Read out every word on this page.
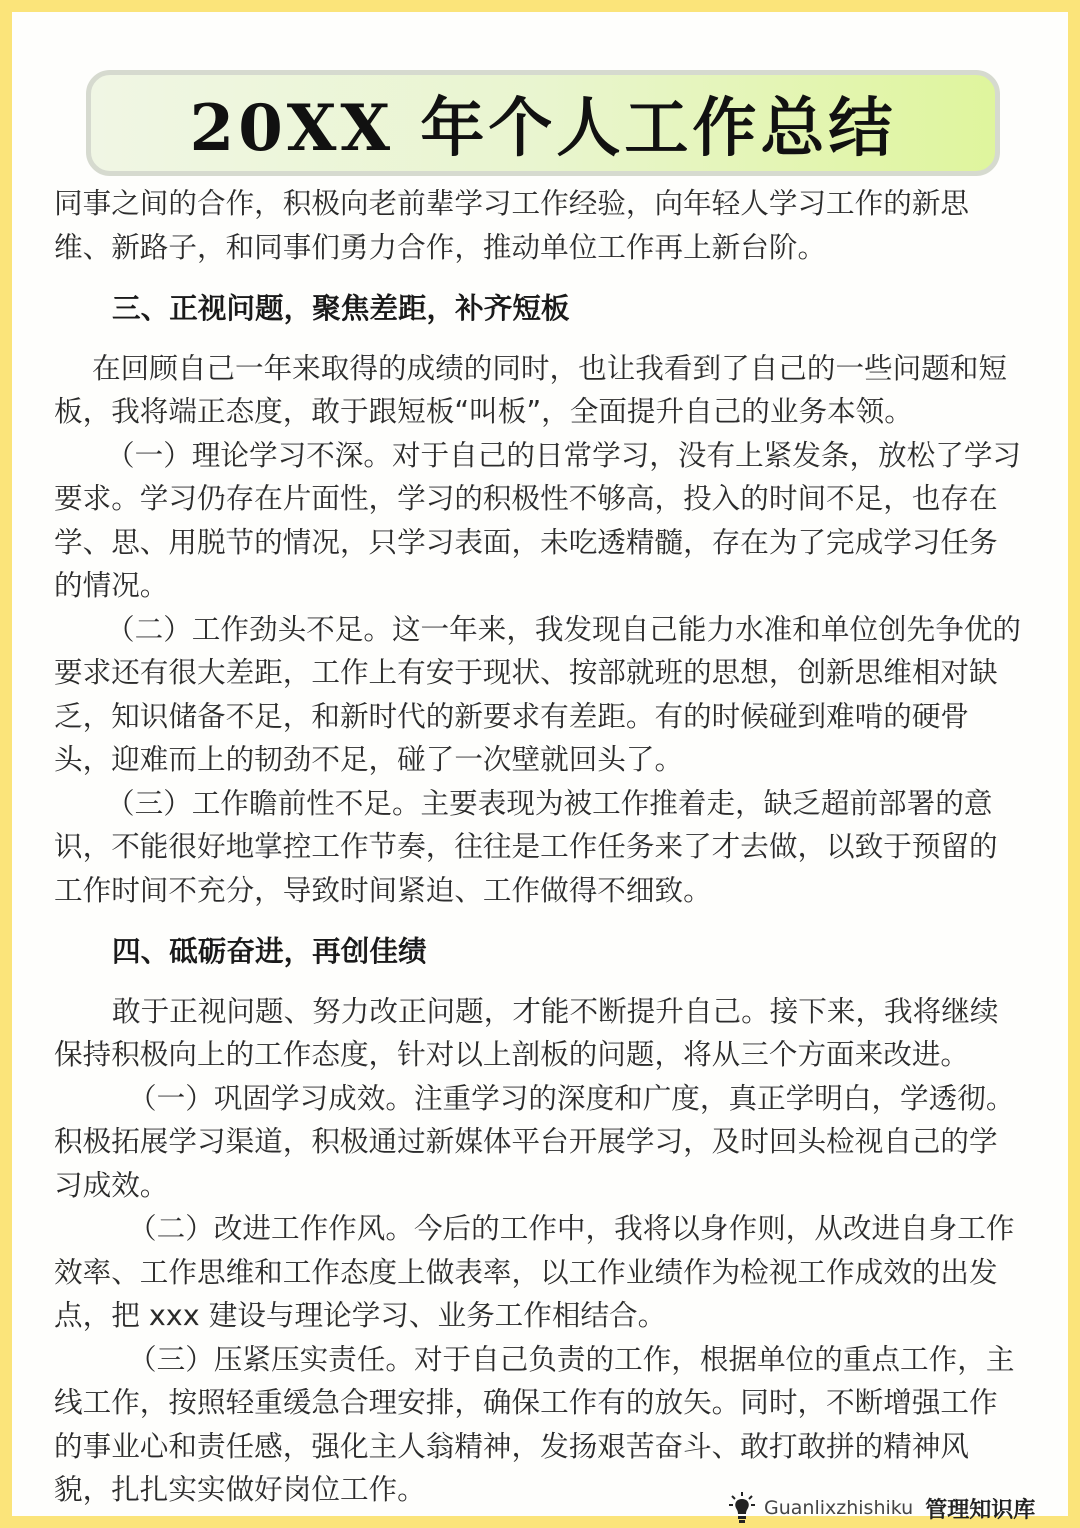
20XX 年个人工作总结

同事之间的合作，积极向老前辈学习工作经验，向年轻人学习工作的新思维、新路子，和同事们勇力合作，推动单位工作再上新台阶。

三、正视问题，聚焦差距，补齐短板

在回顾自己一年来取得的成绩的同时，也让我看到了自己的一些问题和短板，我将端正态度，敢于跟短板“叫板”，全面提升自己的业务本领。

（一）理论学习不深。对于自己的日常学习，没有上紧发条，放松了学习要求。学习仍存在片面性，学习的积极性不够高，投入的时间不足，也存在学、思、用脱节的情况，只学习表面，未吃透精髓，存在为了完成学习任务的情况。

（二）工作劲头不足。这一年来，我发现自己能力水准和单位创先争优的要求还有很大差距，工作上有安于现状、按部就班的思想，创新思维相对缺乏，知识储备不足，和新时代的新要求有差距。有的时候碰到难啃的硬骨头，迎难而上的韧劲不足，碰了一次壁就回头了。

（三）工作瞻前性不足。主要表现为被工作推着走，缺乏超前部署的意识，不能很好地掌控工作节奏，往往是工作任务来了才去做，以致于预留的工作时间不充分，导致时间紧迫、工作做得不细致。

四、砥砺奋进，再创佳绩

敢于正视问题、努力改正问题，才能不断提升自己。接下来，我将继续保持积极向上的工作态度，针对以上剖板的问题，将从三个方面来改进。

（一）巩固学习成效。注重学习的深度和广度，真正学明白，学透彻。积极拓展学习渠道，积极通过新媒体平台开展学习，及时回头检视自己的学习成效。

（二）改进工作作风。今后的工作中，我将以身作则，从改进自身工作效率、工作思维和工作态度上做表率，以工作业绩作为检视工作成效的出发点，把 xxx 建设与理论学习、业务工作相结合。

（三）压紧压实责任。对于自己负责的工作，根据单位的重点工作，主线工作，按照轻重缓急合理安排，确保工作有的放矢。同时，不断增强工作的事业心和责任感，强化主人翁精神，发扬艰苦奋斗、敢打敢拼的精神风貌，扎扎实实做好岗位工作。

Guanlixzhishiku 管理知识库
